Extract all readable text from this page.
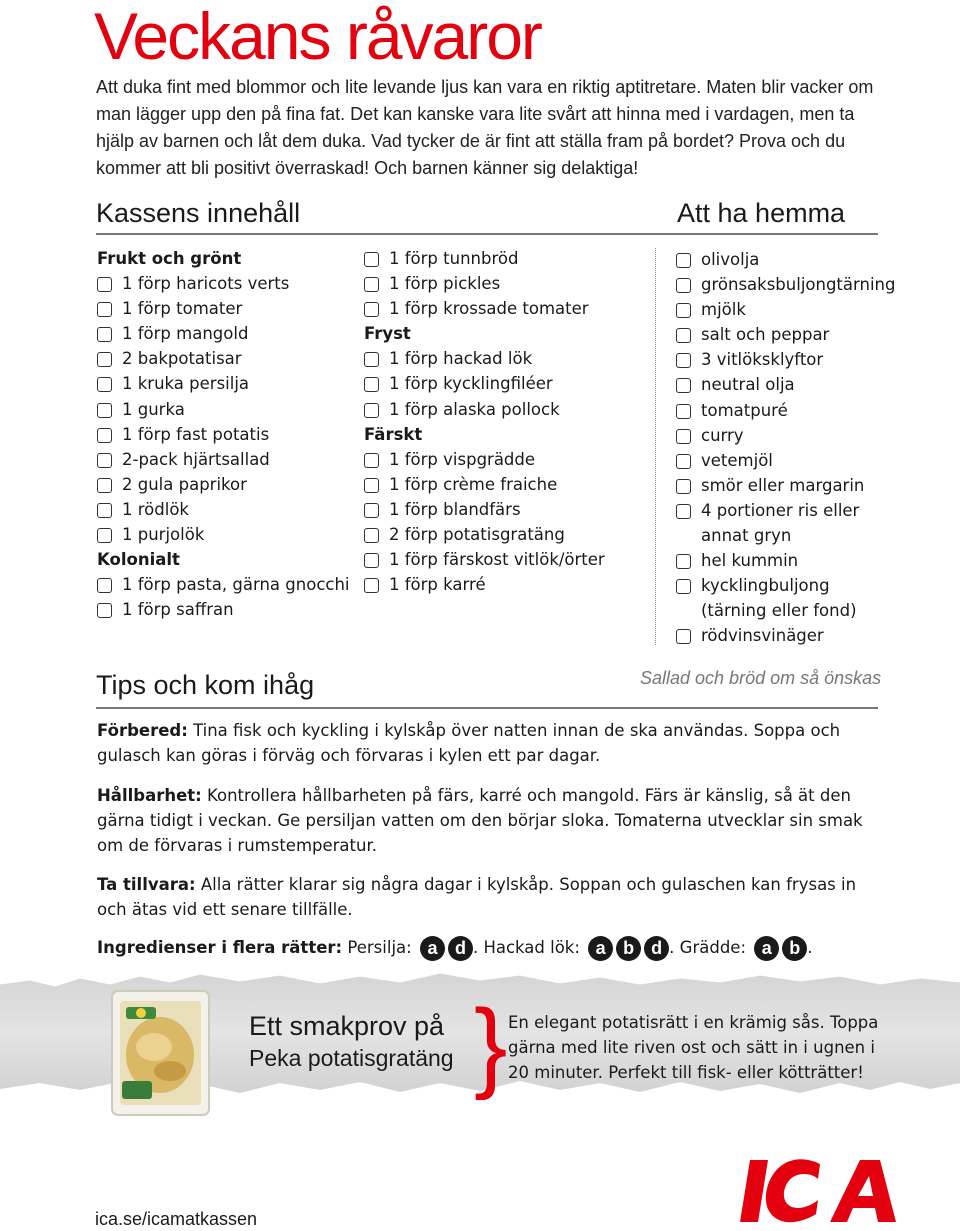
Veckans råvaror
Att duka fint med blommor och lite levande ljus kan vara en riktig aptitretare. Maten blir vacker om man lägger upp den på fina fat. Det kan kanske vara lite svårt att hinna med i vardagen, men ta hjälp av barnen och låt dem duka. Vad tycker de är fint att ställa fram på bordet? Prova och du kommer att bli positivt överraskad! Och barnen känner sig delaktiga!
Kassens innehåll	Att ha hemma
Frukt och grönt
1 förp haricots verts
1 förp tomater
1 förp mangold
2 bakpotatisar
1 kruka persilja
1 gurka
1 förp fast potatis
2-pack hjärtsallad
2 gula paprikor
1 rödlök
1 purjolök
Kolonialt
1 förp pasta, gärna gnocchi
1 förp saffran
1 förp tunnbröd
1 förp pickles
1 förp krossade tomater
Fryst
1 förp hackad lök
1 förp kycklingfiléer
1 förp alaska pollock
Färskt
1 förp vispgrädde
1 förp crème fraiche
1 förp blandfärs
2 förp potatisgratäng
1 förp färskost vitlök/örter
1 förp karré
olivolja
grönsaksbuljongtärning
mjölk
salt och peppar
3 vitlöksklyftor
neutral olja
tomatpuré
curry
vetemjöl
smör eller margarin
4 portioner ris eller
annat gryn
hel kummin
kycklingbuljong
(tärning eller fond)
rödvinsvinäger
Tips och kom ihåg	Sallad och bröd om så önskas
Förbered: Tina fisk och kyckling i kylskåp över natten innan de ska användas. Soppa och gulasch kan göras i förväg och förvaras i kylen ett par dagar.
Hållbarhet: Kontrollera hållbarheten på färs, karré och mangold. Färs är känslig, så ät den gärna tidigt i veckan. Ge persiljan vatten om den börjar sloka. Tomaterna utvecklar sin smak om de förvaras i rumstemperatur.
Ta tillvara: Alla rätter klarar sig några dagar i kylskåp. Soppan och gulaschen kan frysas in och ätas vid ett senare tillfälle.
Ingredienser i flera rätter: Persilja: a d . Hackad lök: a b d . Grädde: a b .
Ett smakprov på
Peka potatisgratäng } En elegant potatisrätt i en krämig sås. Toppa gärna med lite riven ost och sätt in i ugnen i 20 minuter. Perfekt till fisk- eller kötträtter!
ica.se/icamatkassen
